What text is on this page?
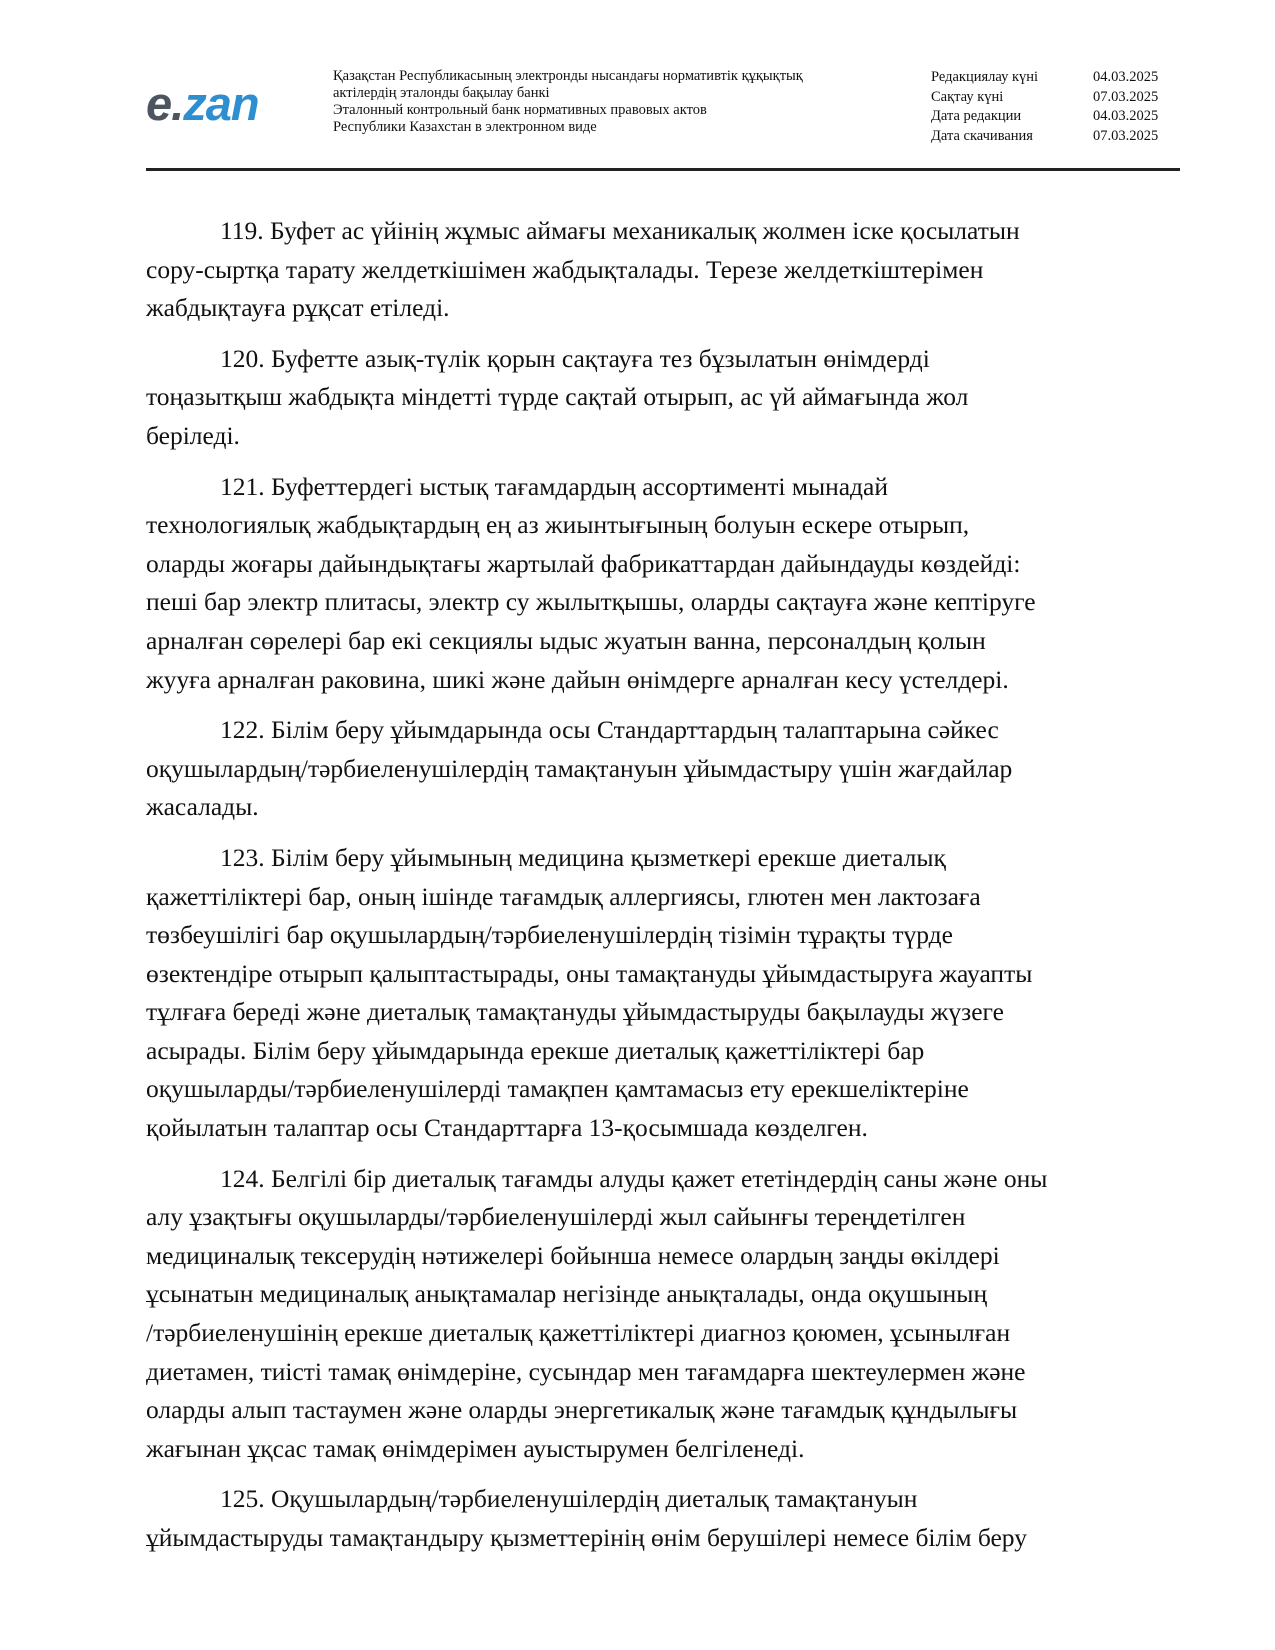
e.zan
Қазақстан Республикасының электронды нысандағы нормативтік құқықтық
актілердің эталонды бақылау банкі
Эталонный контрольный банк нормативных правовых актов
Республики Казахстан в электронном виде
Редакциялау күні	04.03.2025
Сақтау күні	07.03.2025
Дата редакции	04.03.2025
Дата скачивания	07.03.2025
119. Буфет ас үйінің жұмыс аймағы механикалық жолмен іске қосылатын
сору-сыртқа тарату желдеткішімен жабдықталады. Терезе желдеткіштерімен
жабдықтауға рұқсат етіледі.
120. Буфетте азық-түлік қорын сақтауға тез бұзылатын өнімдерді
тоңазытқыш жабдықта міндетті түрде сақтай отырып, ас үй аймағында жол
беріледі.
121. Буфеттердегі ыстық тағамдардың ассортименті мынадай
технологиялық жабдықтардың ең аз жиынтығының болуын ескере отырып,
оларды жоғары дайындықтағы жартылай фабрикаттардан дайындауды көздейді:
пеші бар электр плитасы, электр су жылытқышы, оларды сақтауға және кептіруге
арналған сөрелері бар екі секциялы ыдыс жуатын ванна, персоналдың қолын
жууға арналған раковина, шикі және дайын өнімдерге арналған кесу үстелдері.
122. Білім беру ұйымдарында осы Стандарттардың талаптарына сәйкес
оқушылардың/тәрбиеленушілердің тамақтануын ұйымдастыру үшін жағдайлар
жасалады.
123. Білім беру ұйымының медицина қызметкері ерекше диеталық
қажеттіліктері бар, оның ішінде тағамдық аллергиясы, глютен мен лактозаға
төзбеушілігі бар оқушылардың/тәрбиеленушілердің тізімін тұрақты түрде
өзектендіре отырып қалыптастырады, оны тамақтануды ұйымдастыруға жауапты
тұлғаға береді және диеталық тамақтануды ұйымдастыруды бақылауды жүзеге
асырады. Білім беру ұйымдарында ерекше диеталық қажеттіліктері бар
оқушыларды/тәрбиеленушілерді тамақпен қамтамасыз ету ерекшеліктеріне
қойылатын талаптар осы Стандарттарға 13-қосымшада көзделген.
124. Белгілі бір диеталық тағамды алуды қажет ететіндердің саны және оны
алу ұзақтығы оқушыларды/тәрбиеленушілерді жыл сайынғы тереңдетілген
медициналық тексерудің нәтижелері бойынша немесе олардың заңды өкілдері
ұсынатын медициналық анықтамалар негізінде анықталады, онда оқушының
/тәрбиеленушінің ерекше диеталық қажеттіліктері диагноз қоюмен, ұсынылған
диетамен, тиісті тамақ өнімдеріне, сусындар мен тағамдарға шектеулермен және
оларды алып тастаумен және оларды энергетикалық және тағамдық құндылығы
жағынан ұқсас тамақ өнімдерімен ауыстырумен белгіленеді.
125. Оқушылардың/тәрбиеленушілердің диеталық тамақтануын
ұйымдастыруды тамақтандыру қызметтерінің өнім берушілері немесе білім беру
